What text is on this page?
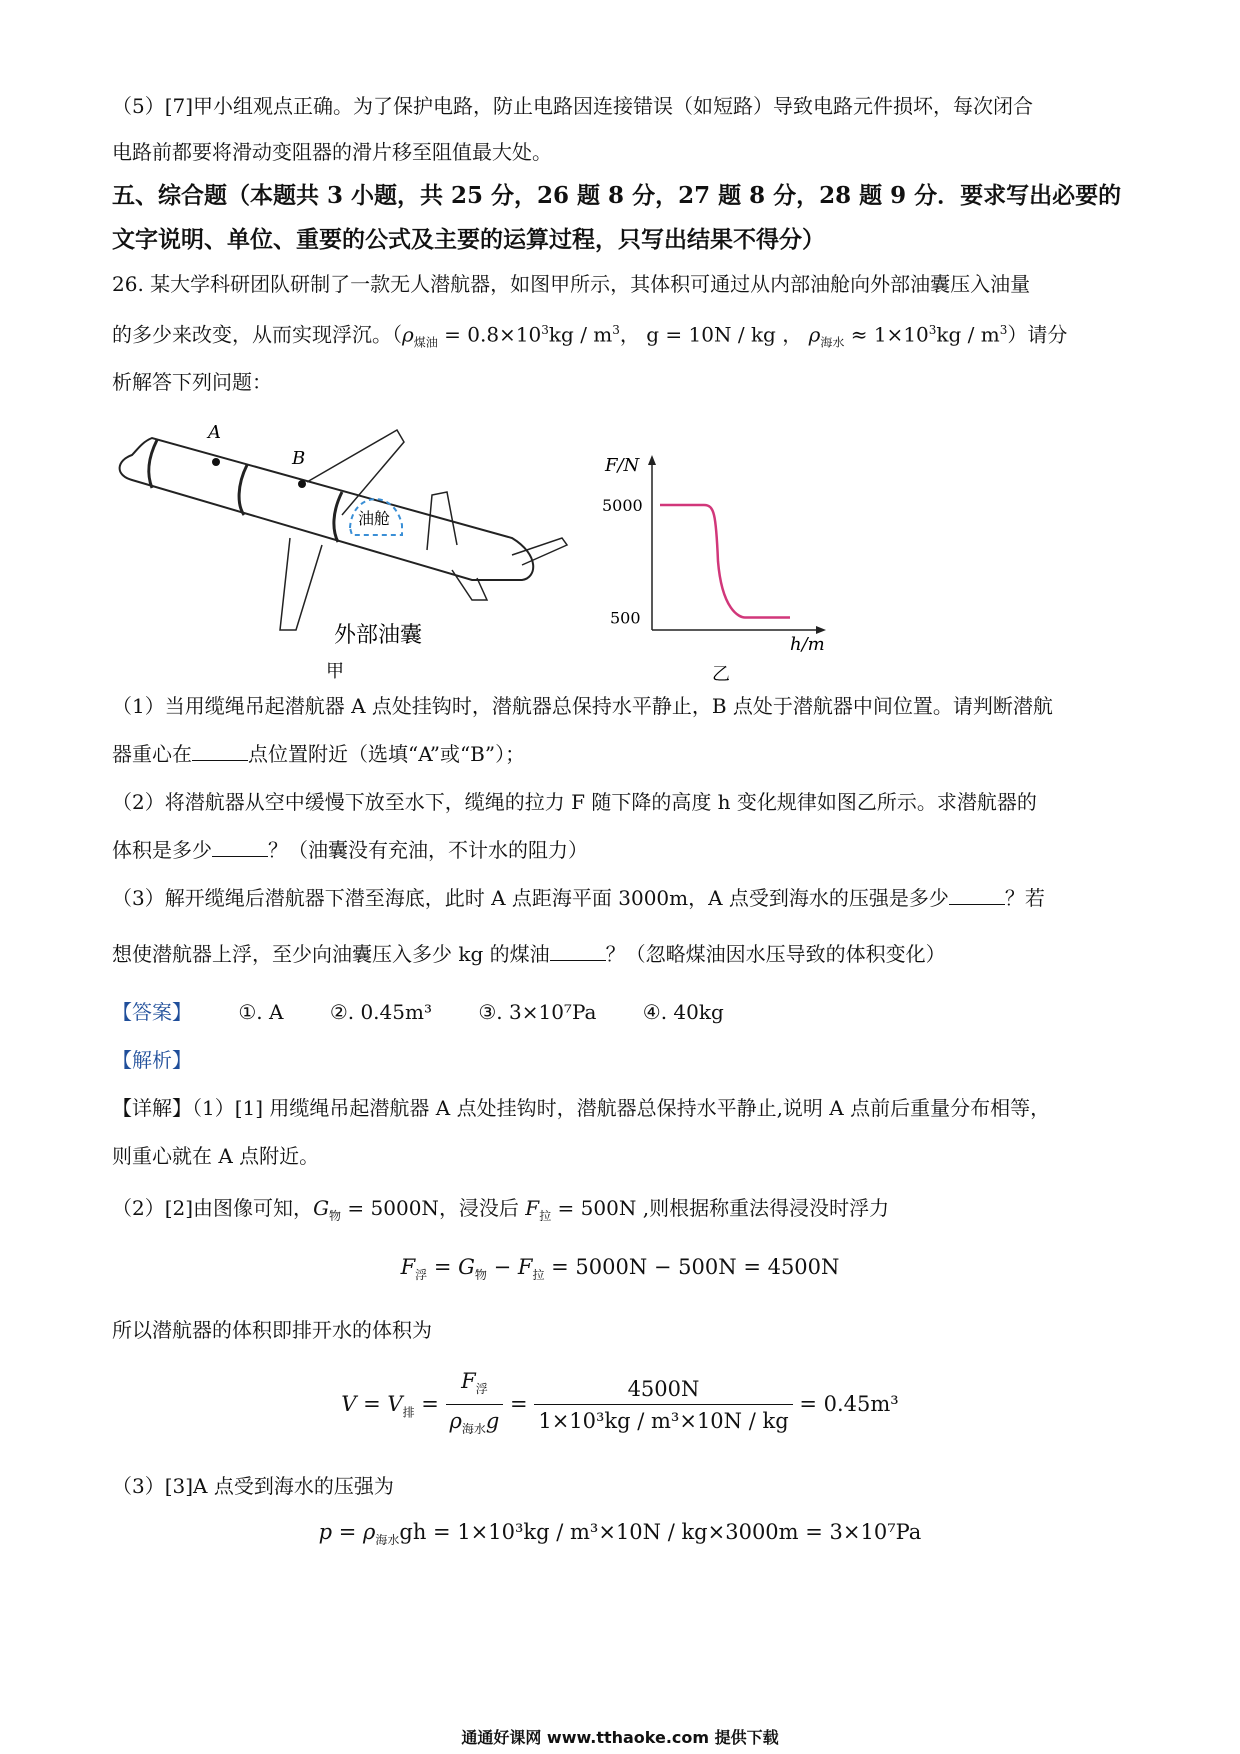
（5）[7]甲小组观点正确。为了保护电路，防止电路因连接错误（如短路）导致电路元件损坏，每次闭合
电路前都要将滑动变阻器的滑片移至阻值最大处。
五、综合题（本题共 3 小题，共 25 分，26 题 8 分，27 题 8 分，28 题 9 分．要求写出必要的
文字说明、单位、重要的公式及主要的运算过程，只写出结果不得分）
26. 某大学科研团队研制了一款无人潜航器，如图甲所示，其体积可通过从内部油舱向外部油囊压入油量
的多少来改变，从而实现浮沉。（$\rho_{煤油} = 0.8\times 10^3kg / m^3$， g = 10N / kg ， $\rho_{海水} \approx 1\times 10^3kg / m^3$）请分
析解答下列问题：
A
B
油舱
外部油囊
甲
F/N
h/m
500
5000
乙
（1）当用缆绳吊起潜航器 A 点处挂钩时，潜航器总保持水平静止，B 点处于潜航器中间位置。请判断潜航
器重心在	点位置附近（选填“A”或“B”）；
（2）将潜航器从空中缓慢下放至水下，缆绳的拉力 F 随下降的高度 h 变化规律如图乙所示。求潜航器的
体积是多少	？（油囊没有充油，不计水的阻力）
（3）解开缆绳后潜航器下潜至海底，此时 A 点距海平面 3000m，A 点受到海水的压强是多少	？若
想使潜航器上浮，至少向油囊压入多少 kg 的煤油	？（忽略煤油因水压导致的体积变化）
【答案】 ①. A ②. 0.45m³ ③. 3×10⁷Pa ④. 40kg
【解析】
【详解】（1）[1] 用缆绳吊起潜航器 A 点处挂钩时，潜航器总保持水平静止,说明 A 点前后重量分布相等，
则重心就在 A 点附近。
（2）[2]由图像可知，$G_物 = 5000N$，浸没后 $F_拉 = 500N$ ,则根据称重法得浸没时浮力
$F_浮 = G_物 - F_拉 = 5000N - 500N = 4500N$
所以潜航器的体积即排开水的体积为
$V = V_排 = \frac{F_浮}{\rho_{海水}g} = \frac{4500N}{\text{1×10³kg / m³×10N / kg}} = 0.45m^3$
（3）[3]A 点受到海水的压强为
$p = \rho_{海水}gh = 1\times 10^3kg / m^3\times 10N / kg\times 3000m = 3\times 10^7Pa$
通通好课网 www.tthaoke.com 提供下载
